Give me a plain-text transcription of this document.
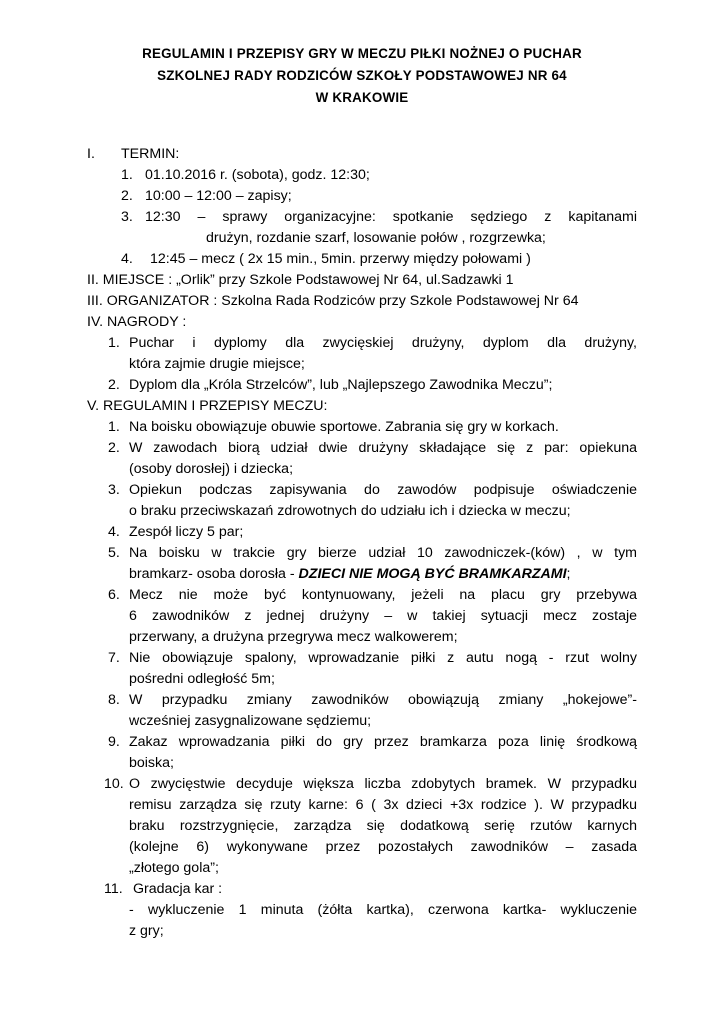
REGULAMIN I PRZEPISY GRY W MECZU PIŁKI NOŻNEJ O PUCHAR
SZKOLNEJ RADY RODZICÓW SZKOŁY PODSTAWOWEJ NR 64
W KRAKOWIE
I. TERMIN:
1. 01.10.2016 r. (sobota), godz. 12:30;
2. 10:00 – 12:00 – zapisy;
3. 12:30 – sprawy organizacyjne: spotkanie sędziego z kapitanami
drużyn, rozdanie szarf, losowanie połów , rozgrzewka;
4. 12:45 – mecz ( 2x 15 min., 5min. przerwy między połowami )
II. MIEJSCE : „Orlik” przy Szkole Podstawowej Nr 64, ul.Sadzawki 1
III. ORGANIZATOR : Szkolna Rada Rodziców przy Szkole Podstawowej Nr 64
IV. NAGRODY :
1. Puchar i dyplomy dla zwycięskiej drużyny, dyplom dla drużyny,
która zajmie drugie miejsce;
2. Dyplom dla „Króla Strzelców”, lub „Najlepszego Zawodnika Meczu”;
V. REGULAMIN I PRZEPISY MECZU:
1. Na boisku obowiązuje obuwie sportowe. Zabrania się gry w korkach.
2. W zawodach biorą udział dwie drużyny składające się z par: opiekuna
(osoby dorosłej) i dziecka;
3. Opiekun podczas zapisywania do zawodów podpisuje oświadczenie
o braku przeciwskazań zdrowotnych do udziału ich i dziecka w meczu;
4. Zespół liczy 5 par;
5. Na boisku w trakcie gry bierze udział 10 zawodniczek-(ków) , w tym
bramkarz- osoba dorosła - DZIECI NIE MOGĄ BYĆ BRAMKARZAMI;
6. Mecz nie może być kontynuowany, jeżeli na placu gry przebywa
6 zawodników z jednej drużyny – w takiej sytuacji mecz zostaje
przerwany, a drużyna przegrywa mecz walkowerem;
7. Nie obowiązuje spalony, wprowadzanie piłki z autu nogą - rzut wolny
pośredni odległość 5m;
8. W przypadku zmiany zawodników obowiązują zmiany „hokejowe”-
wcześniej zasygnalizowane sędziemu;
9. Zakaz wprowadzania piłki do gry przez bramkarza poza linię środkową
boiska;
10. O zwycięstwie decyduje większa liczba zdobytych bramek. W przypadku
remisu zarządza się rzuty karne: 6 ( 3x dzieci +3x rodzice ). W przypadku
braku rozstrzygnięcie, zarządza się dodatkową serię rzutów karnych
(kolejne 6) wykonywane przez pozostałych zawodników – zasada
„złotego gola”;
11. Gradacja kar :
- wykluczenie 1 minuta (żółta kartka), czerwona kartka- wykluczenie
z gry;
